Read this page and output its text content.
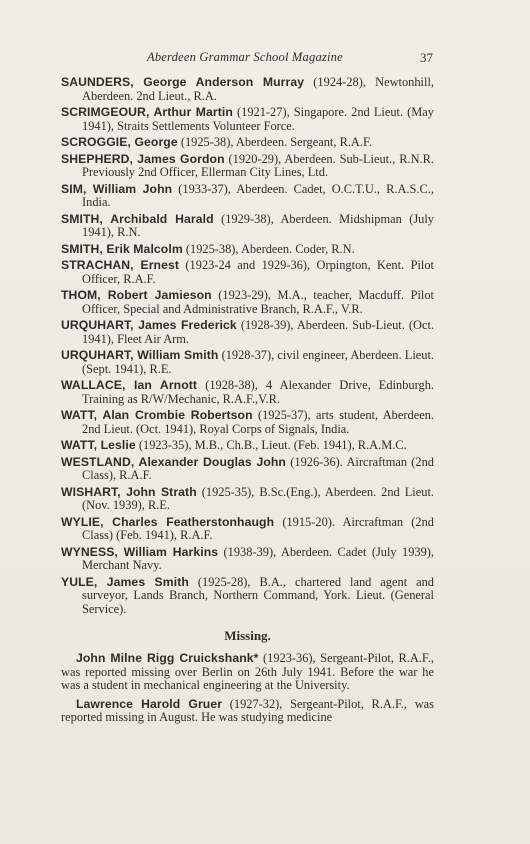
Aberdeen Grammar School Magazine	37

SAUNDERS, George Anderson Murray (1924-28), Newtonhill, Aberdeen. 2nd Lieut., R.A.

SCRIMGEOUR, Arthur Martin (1921-27), Singapore. 2nd Lieut. (May 1941), Straits Settlements Volunteer Force.

SCROGGIE, George (1925-38), Aberdeen. Sergeant, R.A.F.

SHEPHERD, James Gordon (1920-29), Aberdeen. Sub-Lieut., R.N.R. Previously 2nd Officer, Ellerman City Lines, Ltd.

SIM, William John (1933-37), Aberdeen. Cadet, O.C.T.U., R.A.S.C., India.

SMITH, Archibald Harald (1929-38), Aberdeen. Midshipman (July 1941), R.N.

SMITH, Erik Malcolm (1925-38), Aberdeen. Coder, R.N.

STRACHAN, Ernest (1923-24 and 1929-36), Orpington, Kent. Pilot Officer, R.A.F.

THOM, Robert Jamieson (1923-29), M.A., teacher, Macduff. Pilot Officer, Special and Administrative Branch, R.A.F., V.R.

URQUHART, James Frederick (1928-39), Aberdeen. Sub-Lieut. (Oct. 1941), Fleet Air Arm.

URQUHART, William Smith (1928-37), civil engineer, Aberdeen. Lieut. (Sept. 1941), R.E.

WALLACE, Ian Arnott (1928-38), 4 Alexander Drive, Edinburgh. Training as R/W/Mechanic, R.A.F.,V.R.

WATT, Alan Crombie Robertson (1925-37), arts student, Aberdeen. 2nd Lieut. (Oct. 1941), Royal Corps of Signals, India.

WATT, Leslie (1923-35), M.B., Ch.B., Lieut. (Feb. 1941), R.A.M.C.

WESTLAND, Alexander Douglas John (1926-36). Aircraftman (2nd Class), R.A.F.

WISHART, John Strath (1925-35), B.Sc.(Eng.), Aberdeen. 2nd Lieut. (Nov. 1939), R.E.

WYLIE, Charles Featherstonhaugh (1915-20). Aircraftman (2nd Class) (Feb. 1941), R.A.F.

WYNESS, William Harkins (1938-39), Aberdeen. Cadet (July 1939), Merchant Navy.

YULE, James Smith (1925-28), B.A., chartered land agent and surveyor, Lands Branch, Northern Command, York. Lieut. (General Service).

Missing.

John Milne Rigg Cruickshank* (1923-36), Sergeant-Pilot, R.A.F., was reported missing over Berlin on 26th July 1941. Before the war he was a student in mechanical engineering at the University.

Lawrence Harold Gruer (1927-32), Sergeant-Pilot, R.A.F., was reported missing in August. He was studying medicine
